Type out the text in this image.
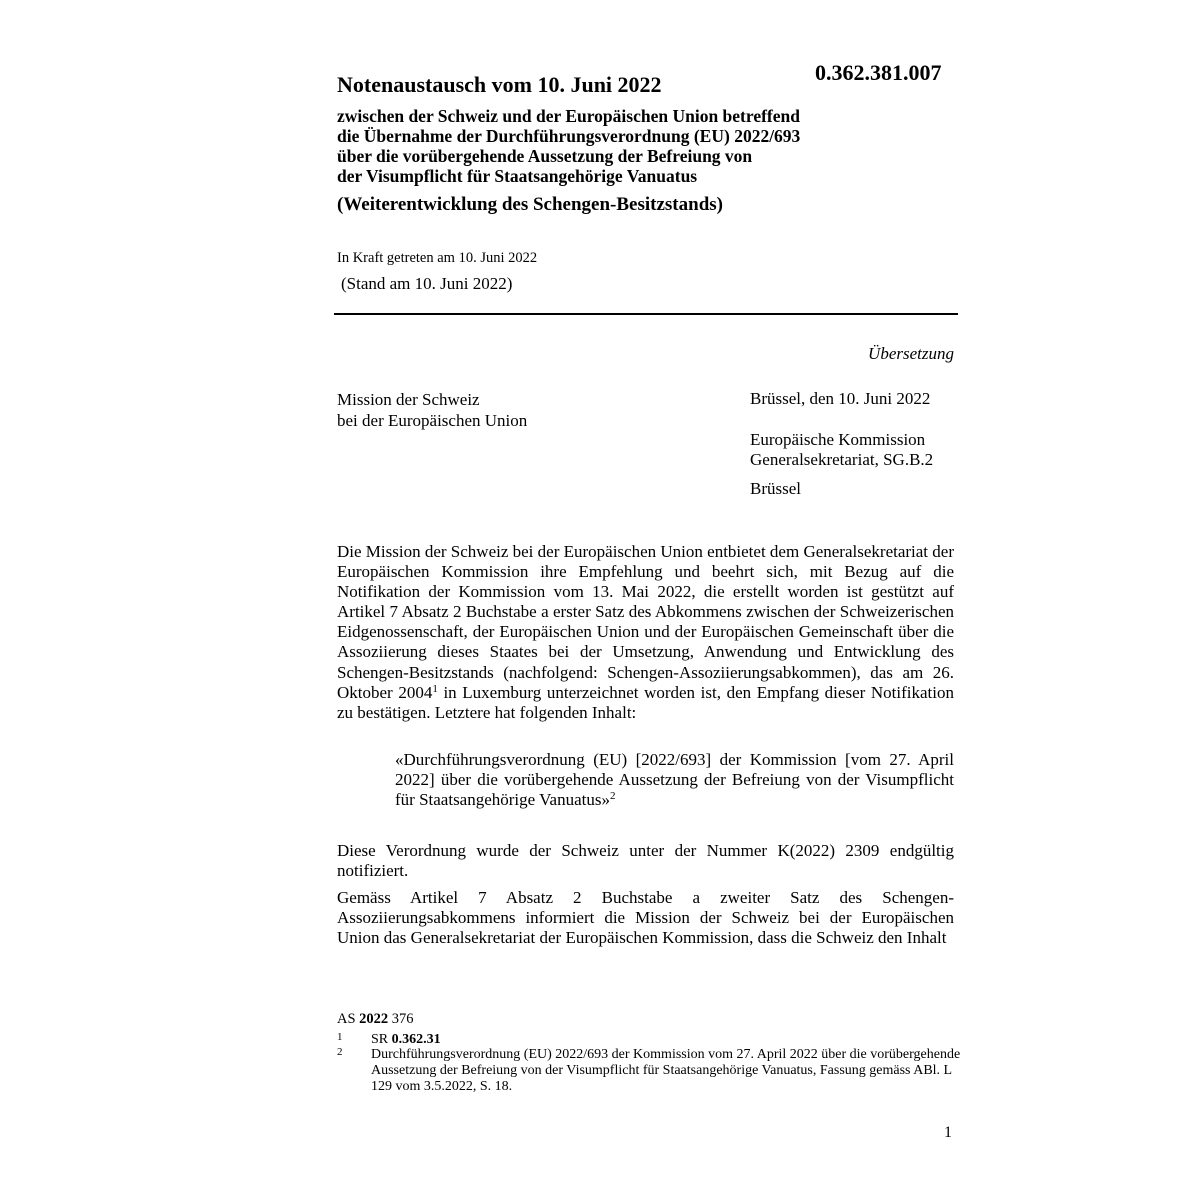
Notenaustausch vom 10. Juni 2022	0.362.381.007
zwischen der Schweiz und der Europäischen Union betreffend
die Übernahme der Durchführungsverordnung (EU) 2022/693
über die vorübergehende Aussetzung der Befreiung von
der Visumpflicht für Staatsangehörige Vanuatus
(Weiterentwicklung des Schengen-Besitzstands)
In Kraft getreten am 10. Juni 2022
(Stand am 10. Juni 2022)
Übersetzung
Mission der Schweiz
bei der Europäischen Union
Brüssel, den 10. Juni 2022
Europäische Kommission
Generalsekretariat, SG.B.2
Brüssel

Die Mission der Schweiz bei der Europäischen Union entbietet dem Generalsekretariat der Europäischen Kommission ihre Empfehlung und beehrt sich, mit Bezug auf die Notifikation der Kommission vom 13. Mai 2022, die erstellt worden ist gestützt auf Artikel 7 Absatz 2 Buchstabe a erster Satz des Abkommens zwischen der Schweizerischen Eidgenossenschaft, der Europäischen Union und der Europäischen Gemeinschaft über die Assoziierung dieses Staates bei der Umsetzung, Anwendung und Entwicklung des Schengen-Besitzstands (nachfolgend: Schengen-Assoziierungsabkommen), das am 26. Oktober 2004$^1$ in Luxemburg unterzeichnet worden ist, den Empfang dieser Notifikation zu bestätigen. Letztere hat folgenden Inhalt:

«Durchführungsverordnung (EU) [2022/693] der Kommission [vom 27. April 2022] über die vorübergehende Aussetzung der Befreiung von der Visumpflicht für Staatsangehörige Vanuatus»$^2$

Diese Verordnung wurde der Schweiz unter der Nummer K(2022) 2309 endgültig notifiziert.

Gemäss Artikel 7 Absatz 2 Buchstabe a zweiter Satz des Schengen-Assoziierungsabkommens informiert die Mission der Schweiz bei der Europäischen Union das Generalsekretariat der Europäischen Kommission, dass die Schweiz den Inhalt

AS 2022 376
1 SR 0.362.31
2 Durchführungsverordnung (EU) 2022/693 der Kommission vom 27. April 2022 über die vorübergehende Aussetzung der Befreiung von der Visumpflicht für Staatsangehörige Vanuatus, Fassung gemäss ABl. L 129 vom 3.5.2022, S. 18.
1
